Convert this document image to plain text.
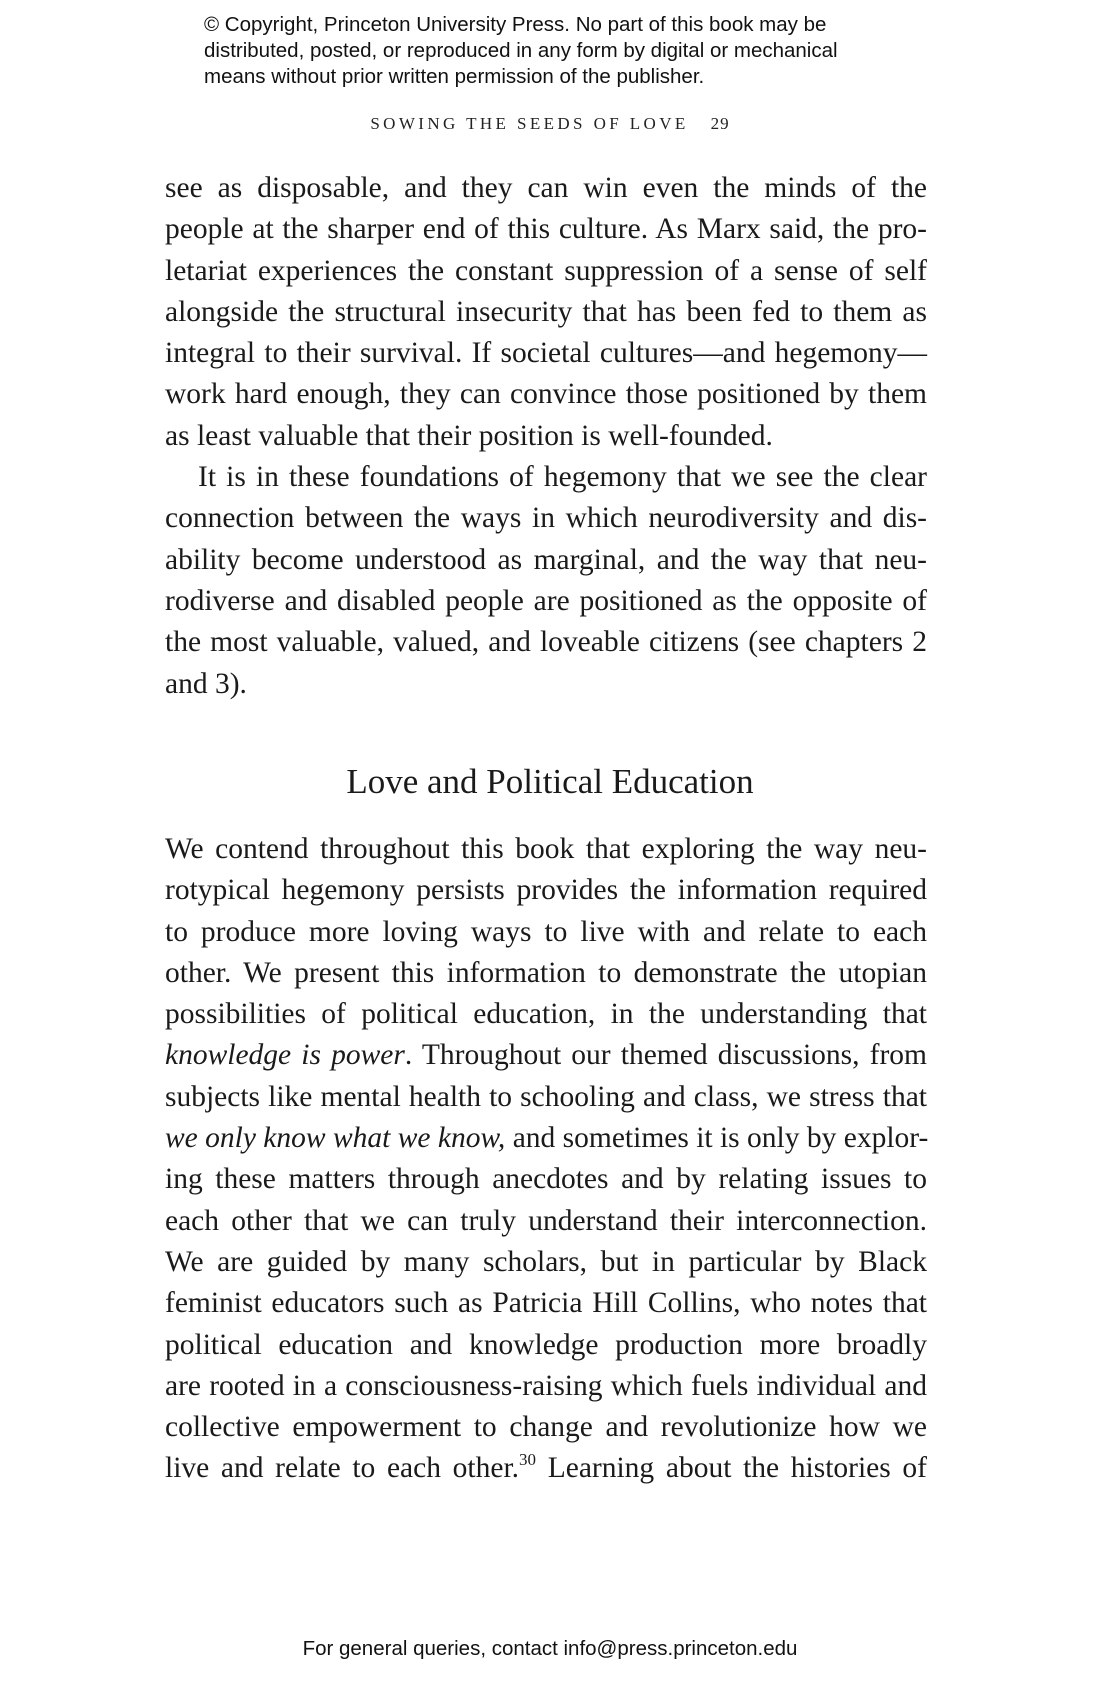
© Copyright, Princeton University Press. No part of this book may be
distributed, posted, or reproduced in any form by digital or mechanical
means without prior written permission of the publisher.
SOWING THE SEEDS OF LOVE 29
see as disposable, and they can win even the minds of the
people at the sharper end of this culture. As Marx said, the pro-
letariat experiences the constant suppression of a sense of self
alongside the structural insecurity that has been fed to them as
integral to their survival. If societal cultures—and hegemony—
work hard enough, they can convince those positioned by them
as least valuable that their position is well-founded.
It is in these foundations of hegemony that we see the clear
connection between the ways in which neurodiversity and dis-
ability become understood as marginal, and the way that neu-
rodiverse and disabled people are positioned as the opposite of
the most valuable, valued, and loveable citizens (see chapters 2
and 3).
Love and Political Education
We contend throughout this book that exploring the way neu-
rotypical hegemony persists provides the information required
to produce more loving ways to live with and relate to each
other. We present this information to demonstrate the utopian
possibilities of political education, in the understanding that
knowledge is power. Throughout our themed discussions, from
subjects like mental health to schooling and class, we stress that
we only know what we know, and sometimes it is only by explor-
ing these matters through anecdotes and by relating issues to
each other that we can truly understand their interconnection.
We are guided by many scholars, but in particular by Black
feminist educators such as Patricia Hill Collins, who notes that
political education and knowledge production more broadly
are rooted in a consciousness-raising which fuels individual and
collective empowerment to change and revolutionize how we
live and relate to each other.$^{30}$ Learning about the histories of
For general queries, contact info@press.princeton.edu
